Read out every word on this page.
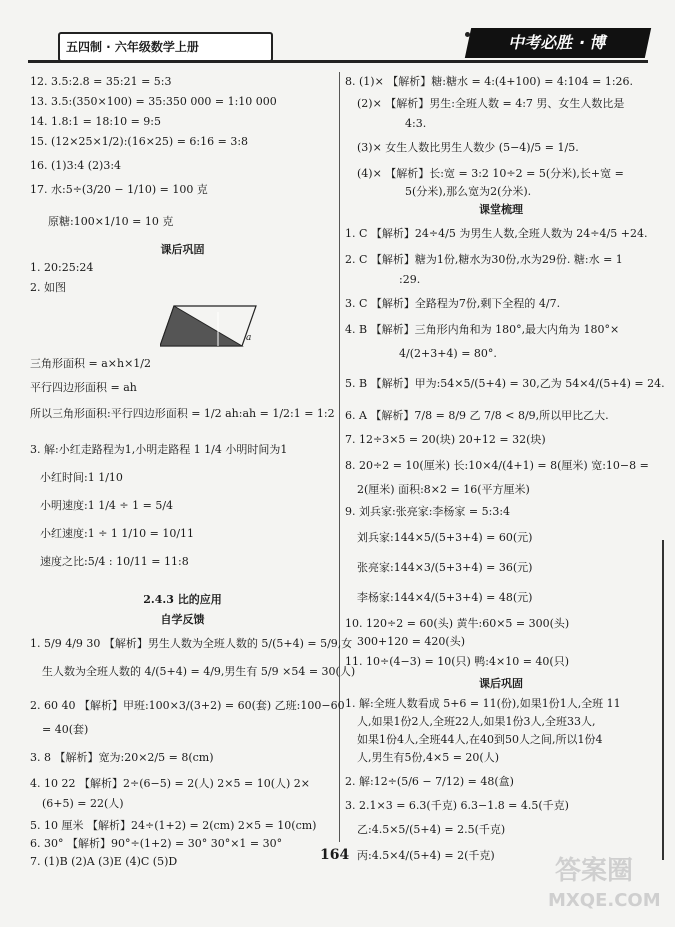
五四制 · 六年级数学上册	中考必胜 · 博
12. 3.5:2.8 = 35:21 = 5:3
13. 3.5:(350×100) = 35:350 000 = 1:10 000
14. 1.8:1 = 18:10 = 9:5
15. (12×25×1/2):(16×25) = 6:16 = 3:8
16. (1)3:4 (2)3:4
17. 水:5÷(3/20 − 1/10) = 100 克
原糖:100×1/10 = 10 克
课后巩固
1. 20:25:24
2. 如图
a
三角形面积 = a×h×1/2
平行四边形面积 = ah
所以三角形面积:平行四边形面积 = 1/2 ah:ah = 1/2:1 = 1:2
3. 解:小红走路程为1,小明走路程 1 1/4 小明时间为1
小红时间:1 1/10
小明速度:1 1/4 ÷ 1 = 5/4
小红速度:1 ÷ 1 1/10 = 10/11
速度之比:5/4 : 10/11 = 11:8
2.4.3 比的应用
自学反馈
1. 5/9 4/9 30 【解析】男生人数为全班人数的 5/(5+4) = 5/9,女
生人数为全班人数的 4/(5+4) = 4/9,男生有 5/9 ×54 = 30(人)
2. 60 40 【解析】甲班:100×3/(3+2) = 60(套) 乙班:100−60
= 40(套)
3. 8 【解析】宽为:20×2/5 = 8(cm)
4. 10 22 【解析】2÷(6−5) = 2(人) 2×5 = 10(人) 2×
(6+5) = 22(人)
5. 10 厘米 【解析】24÷(1+2) = 2(cm) 2×5 = 10(cm)
6. 30° 【解析】90°÷(1+2) = 30° 30°×1 = 30°
7. (1)B (2)A (3)E (4)C (5)D
8. (1)× 【解析】糖:糖水 = 4:(4+100) = 4:104 = 1:26.
(2)× 【解析】男生:全班人数 = 4:7 男、女生人数比是
4:3.
(3)× 女生人数比男生人数少 (5−4)/5 = 1/5.
(4)× 【解析】长:宽 = 3:2 10÷2 = 5(分米),长+宽 =
5(分米),那么宽为2(分米).
课堂梳理
1. C 【解析】24÷4/5 为男生人数,全班人数为 24÷4/5 +24.
2. C 【解析】糖为1份,糖水为30份,水为29份. 糖:水 = 1
:29.
3. C 【解析】全路程为7份,剩下全程的 4/7.
4. B 【解析】三角形内角和为 180°,最大内角为 180°×
4/(2+3+4) = 80°.
5. B 【解析】甲为:54×5/(5+4) = 30,乙为 54×4/(5+4) = 24.
6. A 【解析】7/8 = 8/9 乙 7/8 < 8/9,所以甲比乙大.
7. 12÷3×5 = 20(块) 20+12 = 32(块)
8. 20÷2 = 10(厘米) 长:10×4/(4+1) = 8(厘米) 宽:10−8 =
2(厘米) 面积:8×2 = 16(平方厘米)
9. 刘兵家:张亮家:李杨家 = 5:3:4
刘兵家:144×5/(5+3+4) = 60(元)
张亮家:144×3/(5+3+4) = 36(元)
李杨家:144×4/(5+3+4) = 48(元)
10. 120÷2 = 60(头) 黄牛:60×5 = 300(头)
300+120 = 420(头)
11. 10÷(4−3) = 10(只) 鸭:4×10 = 40(只)
课后巩固
1. 解:全班人数看成 5+6 = 11(份),如果1份1人,全班 11
人,如果1份2人,全班22人,如果1份3人,全班33人,
如果1份4人,全班44人,在40到50人之间,所以1份4
人,男生有5份,4×5 = 20(人)
2. 解:12÷(5/6 − 7/12) = 48(盒)
3. 2.1×3 = 6.3(千克) 6.3−1.8 = 4.5(千克)
乙:4.5×5/(5+4) = 2.5(千克)
丙:4.5×4/(5+4) = 2(千克)
164
答案圈
MXQE.COM
